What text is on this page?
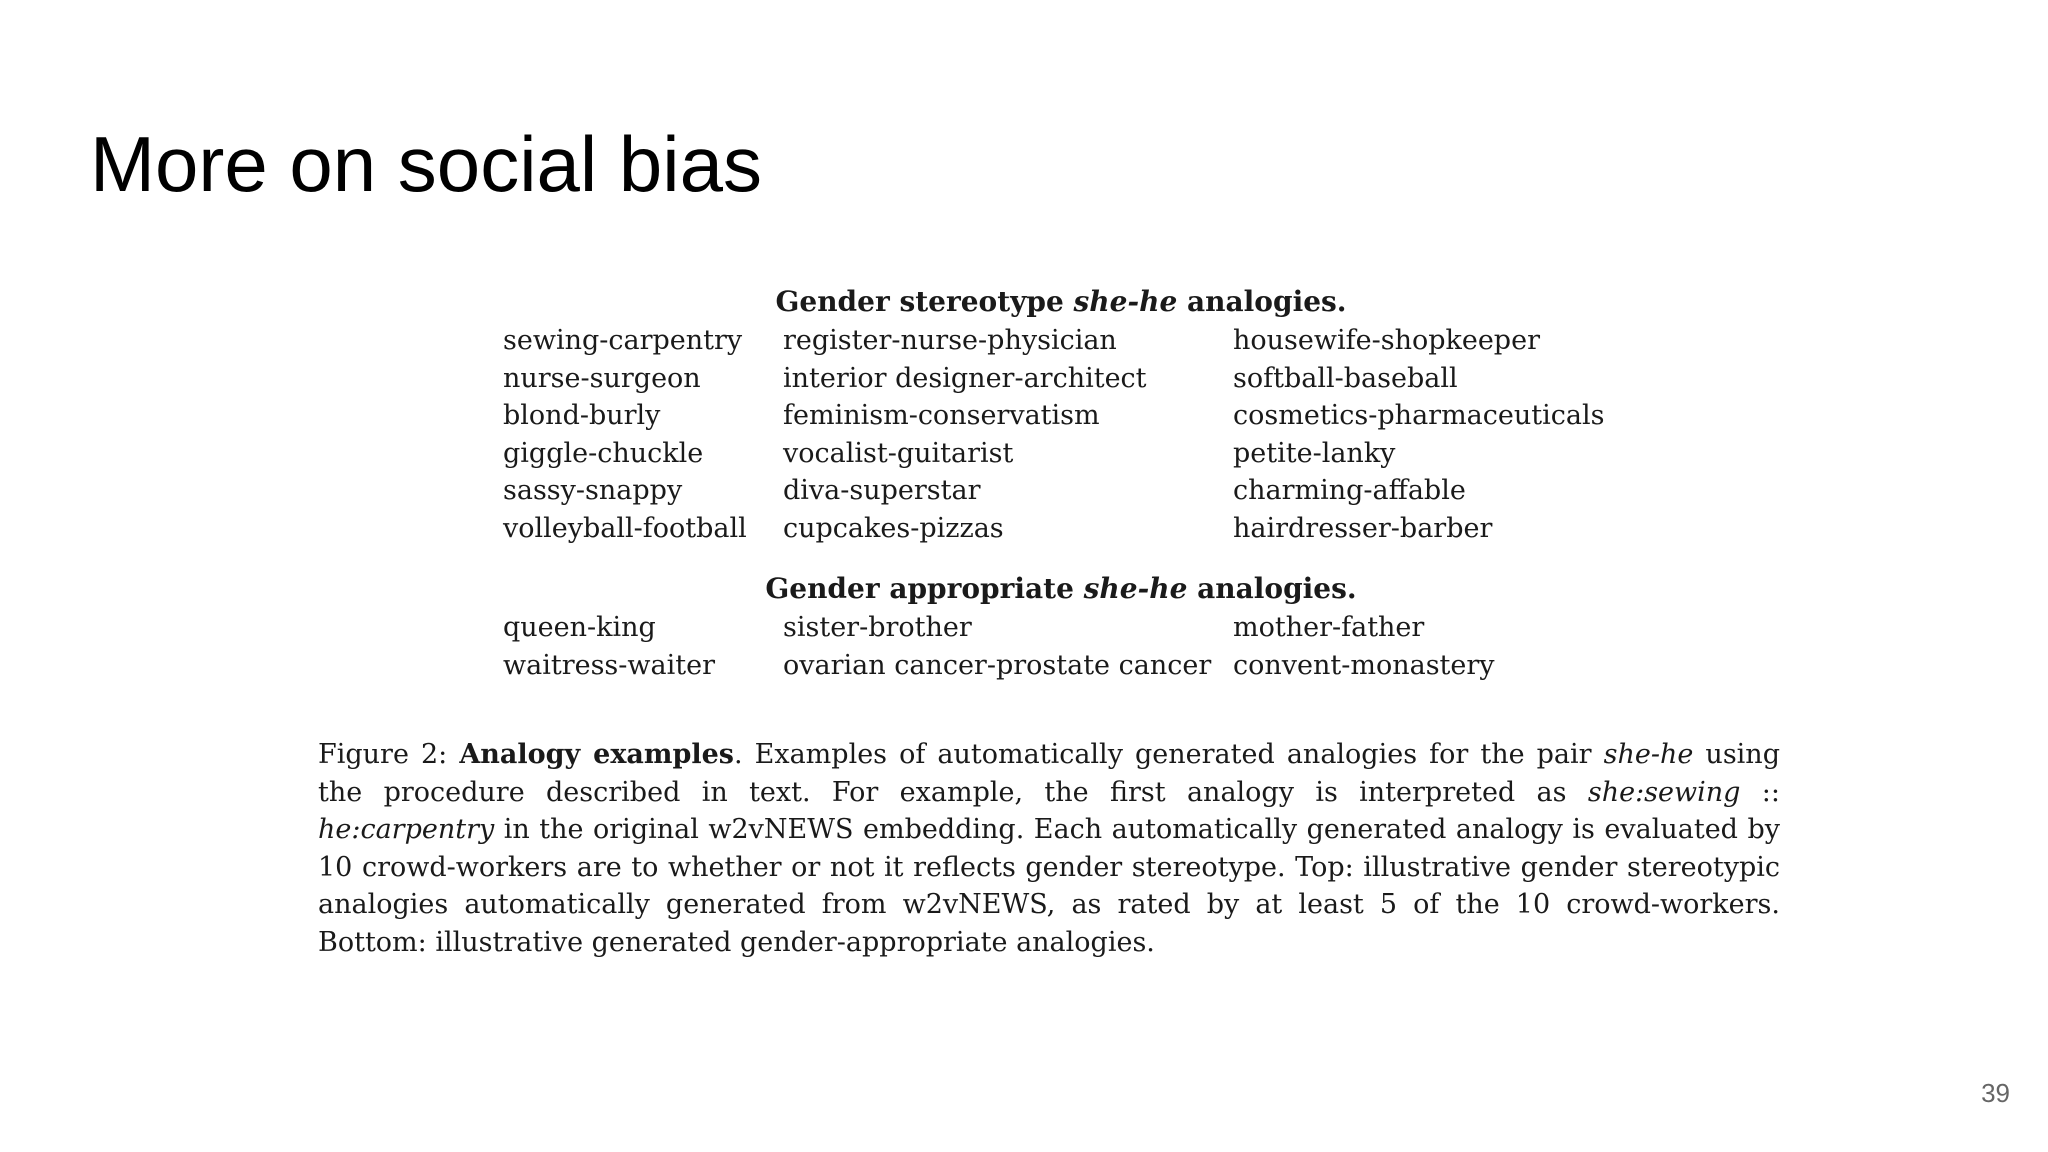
More on social bias

Gender stereotype she-he analogies.

sewing-carpentry	register-nurse-physician	housewife-shopkeeper
nurse-surgeon	interior designer-architect	softball-baseball
blond-burly	feminism-conservatism	cosmetics-pharmaceuticals
giggle-chuckle	vocalist-guitarist	petite-lanky
sassy-snappy	diva-superstar	charming-affable
volleyball-football	cupcakes-pizzas	hairdresser-barber

Gender appropriate she-he analogies.

queen-king	sister-brother	mother-father
waitress-waiter	ovarian cancer-prostate cancer	convent-monastery

Figure 2: Analogy examples. Examples of automatically generated analogies for the pair she-he using the procedure described in text. For example, the first analogy is interpreted as she:sewing :: he:carpentry in the original w2vNEWS embedding. Each automatically generated analogy is evaluated by 10 crowd-workers are to whether or not it reflects gender stereotype. Top: illustrative gender stereotypic analogies automatically generated from w2vNEWS, as rated by at least 5 of the 10 crowd-workers. Bottom: illustrative generated gender-appropriate analogies.

39
